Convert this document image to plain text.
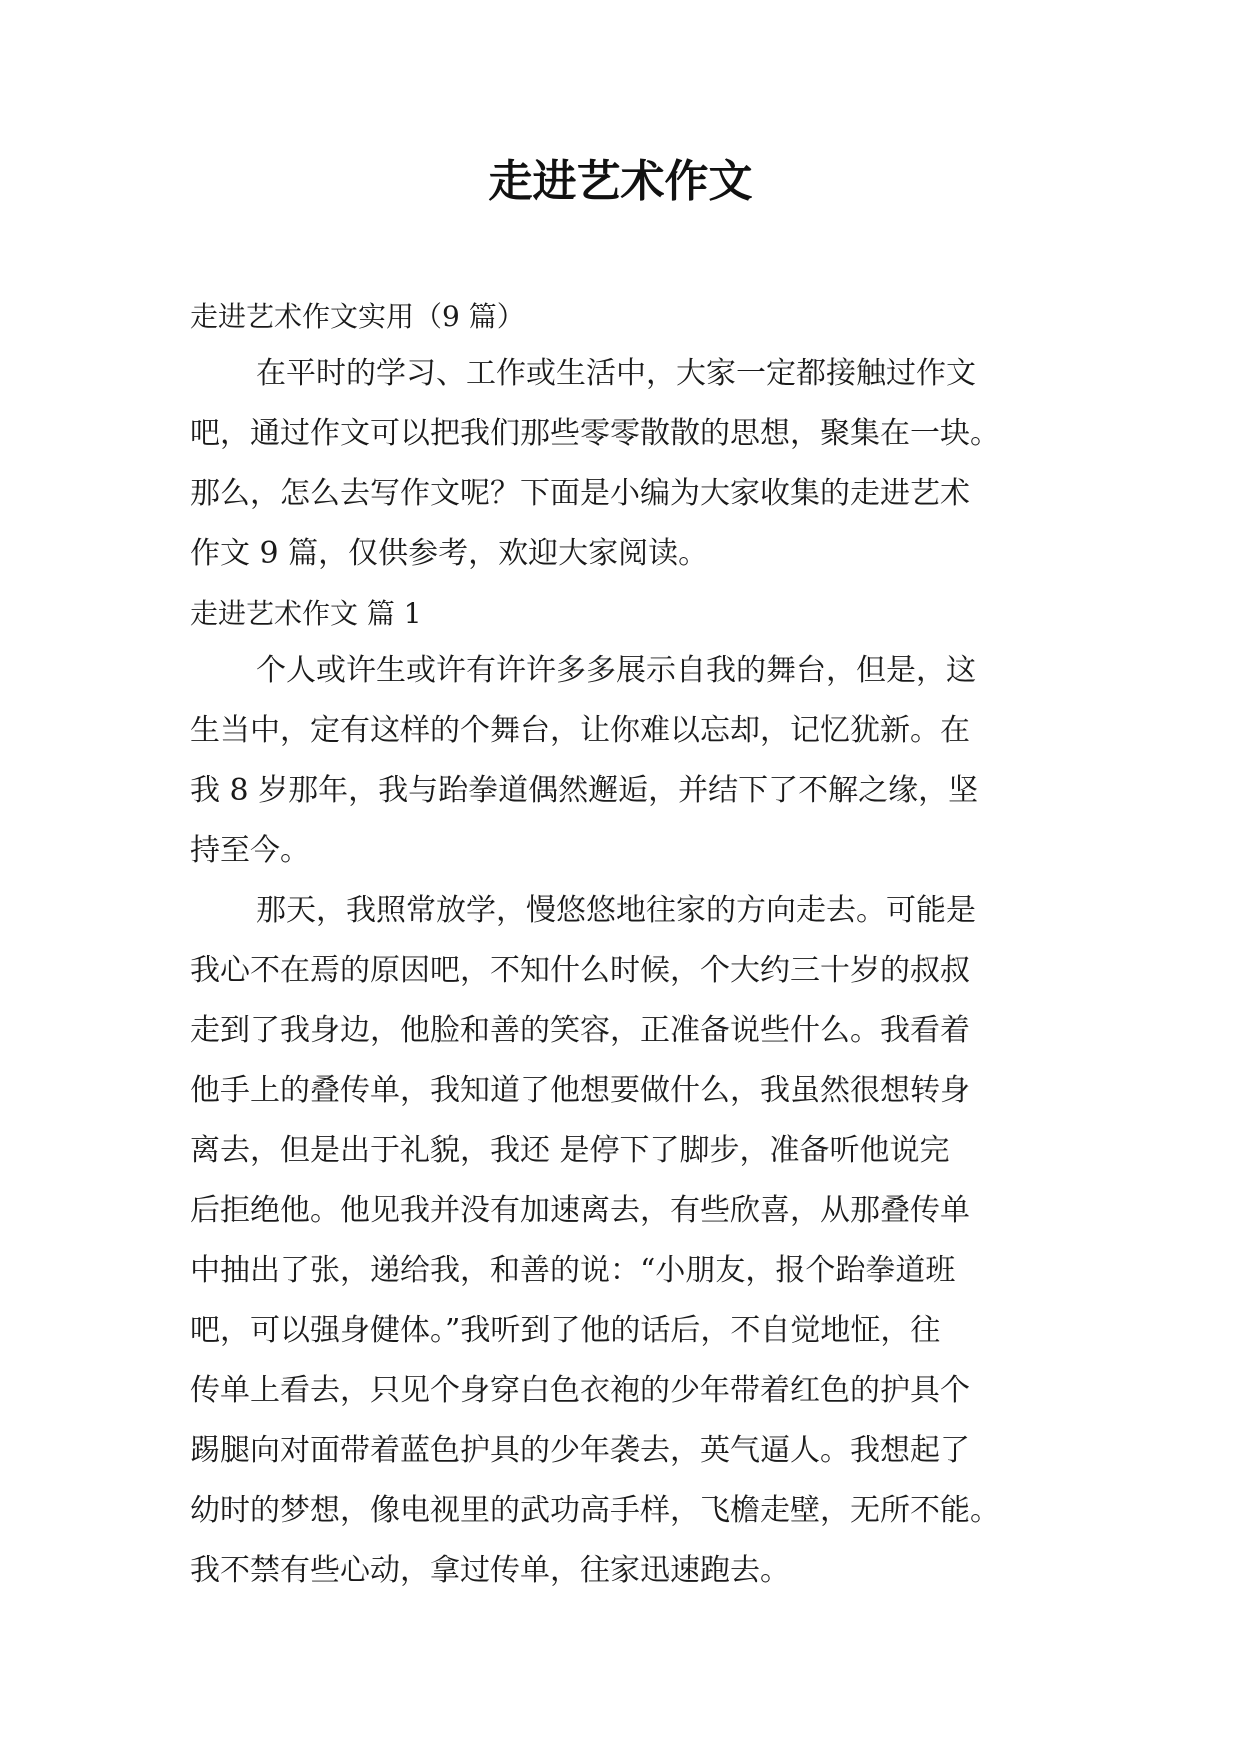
走进艺术作文
走进艺术作文实用（9 篇）
在平时的学习、工作或生活中，大家一定都接触过作文
吧，通过作文可以把我们那些零零散散的思想，聚集在一块。
那么，怎么去写作文呢？下面是小编为大家收集的走进艺术
作文 9 篇，仅供参考，欢迎大家阅读。
走进艺术作文 篇 1
个人或许生或许有许许多多展示自我的舞台，但是，这
生当中，定有这样的个舞台，让你难以忘却，记忆犹新。在
我 8 岁那年，我与跆拳道偶然邂逅，并结下了不解之缘，坚
持至今。
那天，我照常放学，慢悠悠地往家的方向走去。可能是
我心不在焉的原因吧，不知什么时候，个大约三十岁的叔叔
走到了我身边，他脸和善的笑容，正准备说些什么。我看着
他手上的叠传单，我知道了他想要做什么，我虽然很想转身
离去，但是出于礼貌，我还 是停下了脚步，准备听他说完
后拒绝他。他见我并没有加速离去，有些欣喜，从那叠传单
中抽出了张，递给我，和善的说：“小朋友，报个跆拳道班
吧，可以强身健体。”我听到了他的话后，不自觉地怔，往
传单上看去，只见个身穿白色衣袍的少年带着红色的护具个
踢腿向对面带着蓝色护具的少年袭去，英气逼人。我想起了
幼时的梦想，像电视里的武功高手样，飞檐走壁，无所不能。
我不禁有些心动，拿过传单，往家迅速跑去。
